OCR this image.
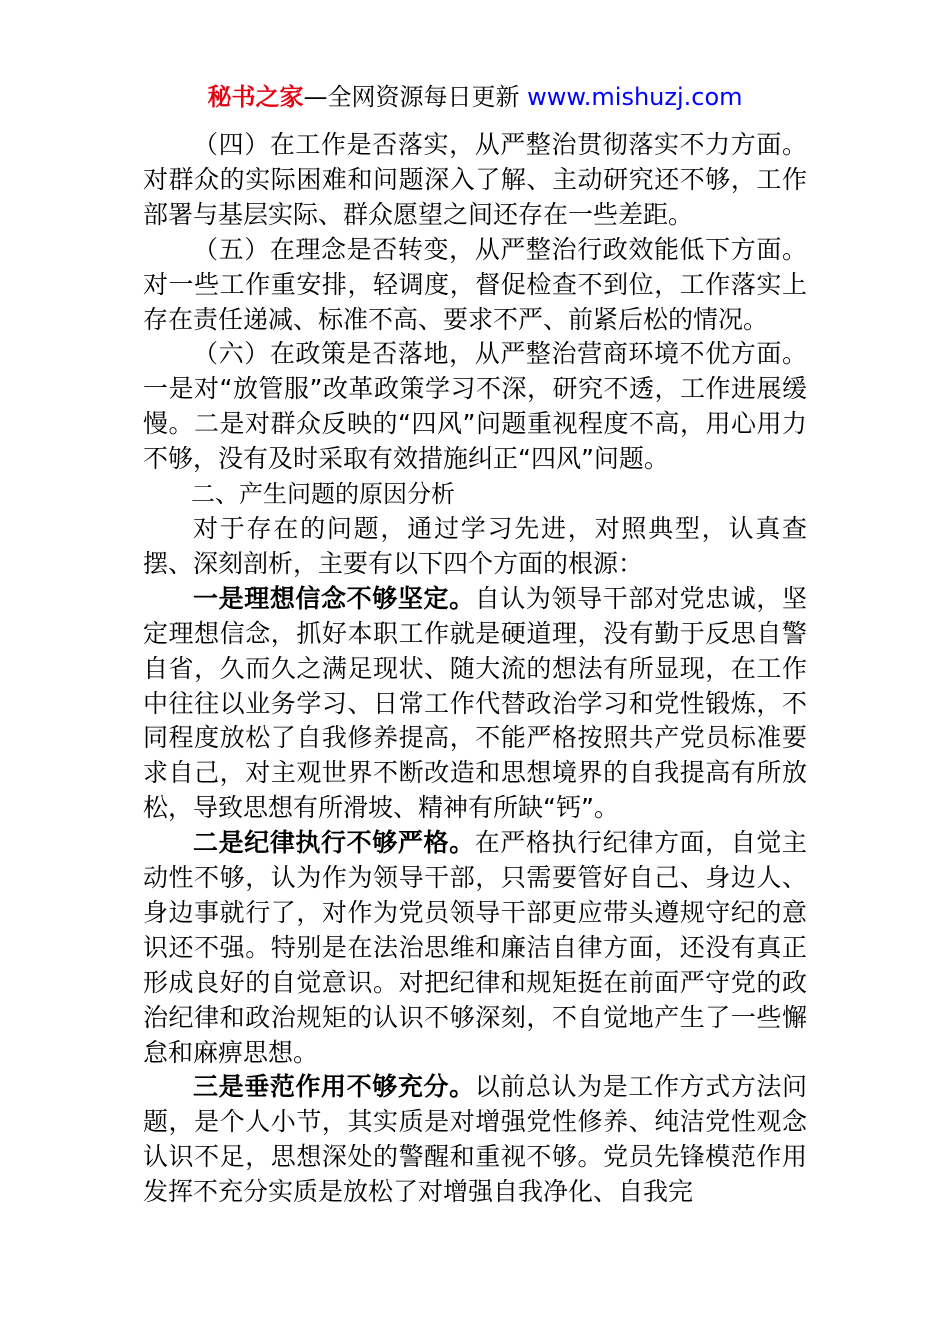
秘书之家—全网资源每日更新 www.mishuzj.com

（四）在工作是否落实，从严整治贯彻落实不力方面。对群众的实际困难和问题深入了解、主动研究还不够，工作部署与基层实际、群众愿望之间还存在一些差距。

（五）在理念是否转变，从严整治行政效能低下方面。对一些工作重安排，轻调度，督促检查不到位，工作落实上存在责任递减、标准不高、要求不严、前紧后松的情况。

（六）在政策是否落地，从严整治营商环境不优方面。一是对“放管服”改革政策学习不深，研究不透，工作进展缓慢。二是对群众反映的“四风”问题重视程度不高，用心用力不够，没有及时采取有效措施纠正“四风”问题。

二、产生问题的原因分析

对于存在的问题，通过学习先进，对照典型，认真查摆、深刻剖析，主要有以下四个方面的根源：

一是理想信念不够坚定。自认为领导干部对党忠诚，坚定理想信念，抓好本职工作就是硬道理，没有勤于反思自警自省，久而久之满足现状、随大流的想法有所显现，在工作中往往以业务学习、日常工作代替政治学习和党性锻炼，不同程度放松了自我修养提高，不能严格按照共产党员标准要求自己，对主观世界不断改造和思想境界的自我提高有所放松，导致思想有所滑坡、精神有所缺“钙”。

二是纪律执行不够严格。在严格执行纪律方面，自觉主动性不够，认为作为领导干部，只需要管好自己、身边人、身边事就行了，对作为党员领导干部更应带头遵规守纪的意识还不强。特别是在法治思维和廉洁自律方面，还没有真正形成良好的自觉意识。对把纪律和规矩挺在前面严守党的政治纪律和政治规矩的认识不够深刻，不自觉地产生了一些懈怠和麻痹思想。

三是垂范作用不够充分。以前总认为是工作方式方法问题，是个人小节，其实质是对增强党性修养、纯洁党性观念认识不足，思想深处的警醒和重视不够。党员先锋模范作用发挥不充分实质是放松了对增强自我净化、自我完
